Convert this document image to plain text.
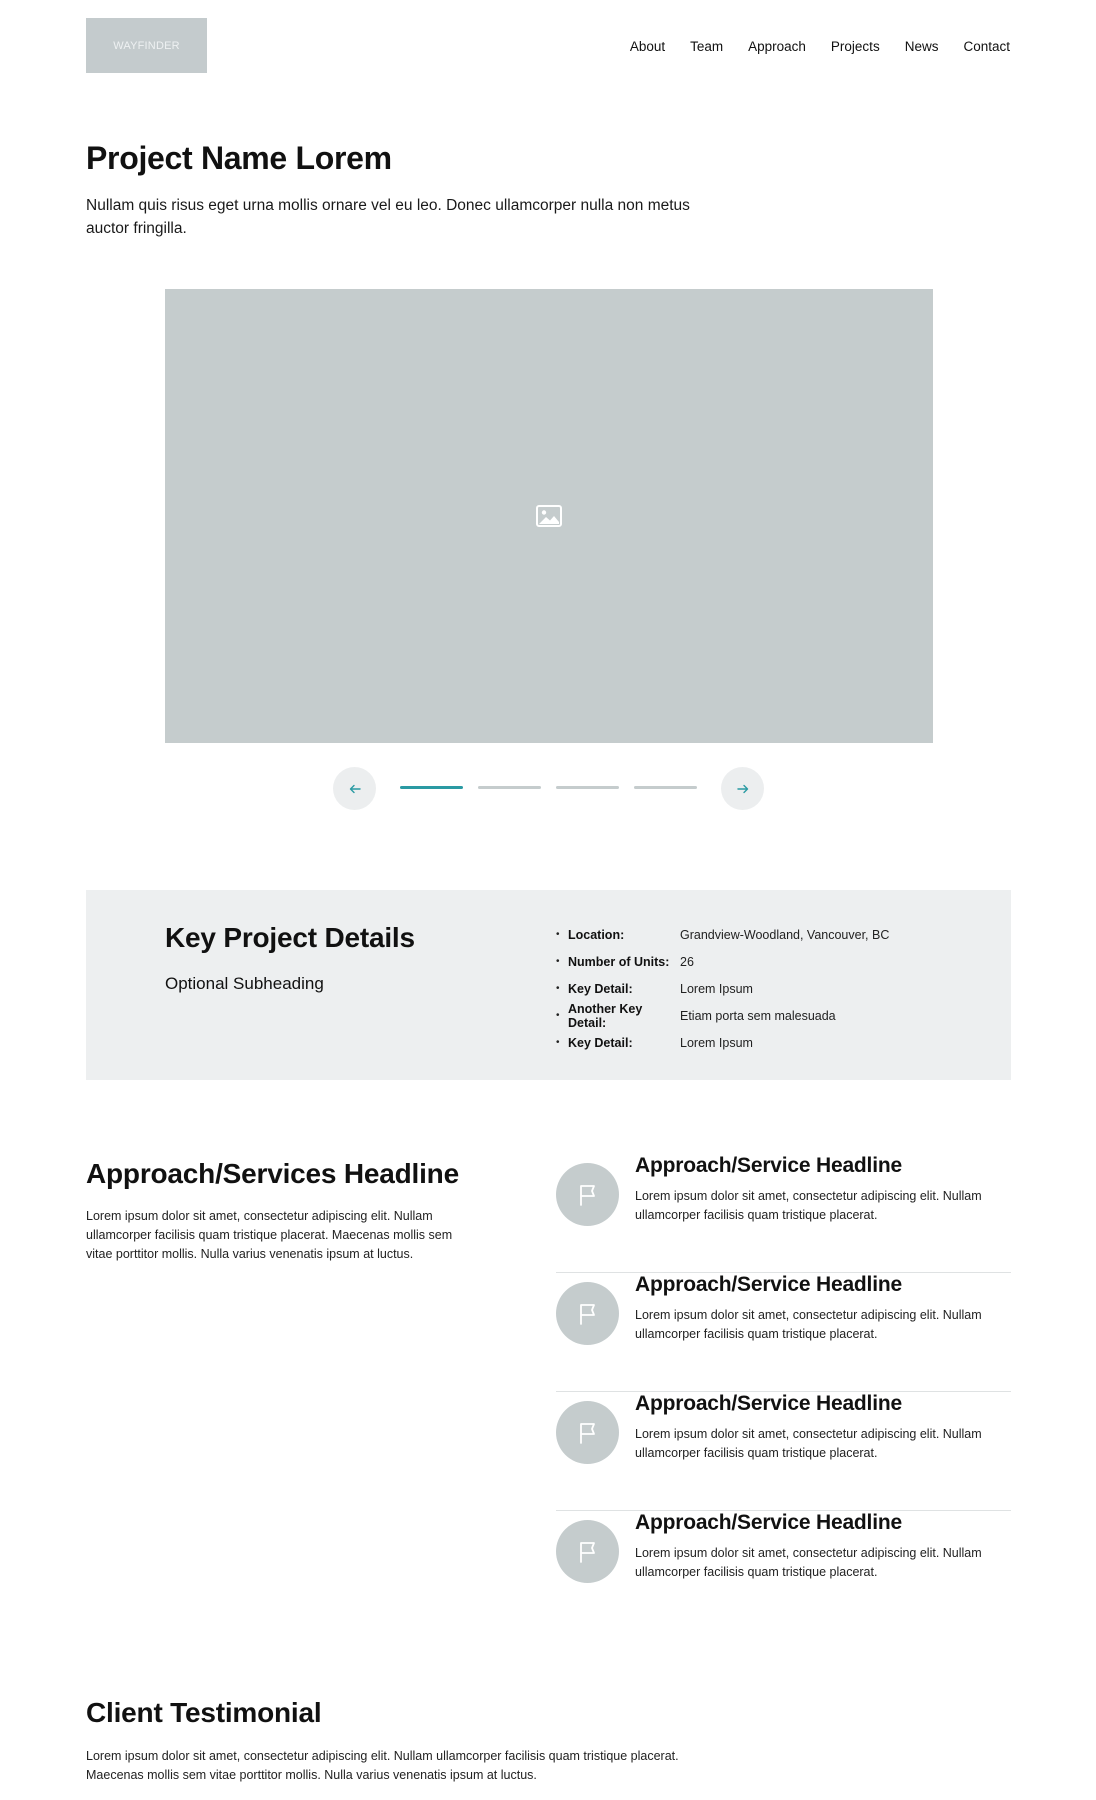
WAYFINDER	About Team Approach Projects News Contact
Project Name Lorem

Nullam quis risus eget urna mollis ornare vel eu leo. Donec ullamcorper nulla non metus auctor fringilla.

Key Project Details
Optional Subheading
• Location:	Grandview-Woodland, Vancouver, BC
• Number of Units: 26
• Key Detail:	Lorem Ipsum
• Another Key Detail:	Etiam porta sem malesuada
• Key Detail:	Lorem Ipsum
Approach/Services Headline

Lorem ipsum dolor sit amet, consectetur adipiscing elit. Nullam ullamcorper facilisis quam tristique placerat. Maecenas mollis sem vitae porttitor mollis. Nulla varius venenatis ipsum at luctus.

Approach/Service Headline

Lorem ipsum dolor sit amet, consectetur adipiscing elit. Nullam ullamcorper facilisis quam tristique placerat.

Approach/Service Headline

Lorem ipsum dolor sit amet, consectetur adipiscing elit. Nullam ullamcorper facilisis quam tristique placerat.

Approach/Service Headline

Lorem ipsum dolor sit amet, consectetur adipiscing elit. Nullam ullamcorper facilisis quam tristique placerat.

Approach/Service Headline

Lorem ipsum dolor sit amet, consectetur adipiscing elit. Nullam ullamcorper facilisis quam tristique placerat.

Client Testimonial

Lorem ipsum dolor sit amet, consectetur adipiscing elit. Nullam ullamcorper facilisis quam tristique placerat. Maecenas mollis sem vitae porttitor mollis. Nulla varius venenatis ipsum at luctus.
